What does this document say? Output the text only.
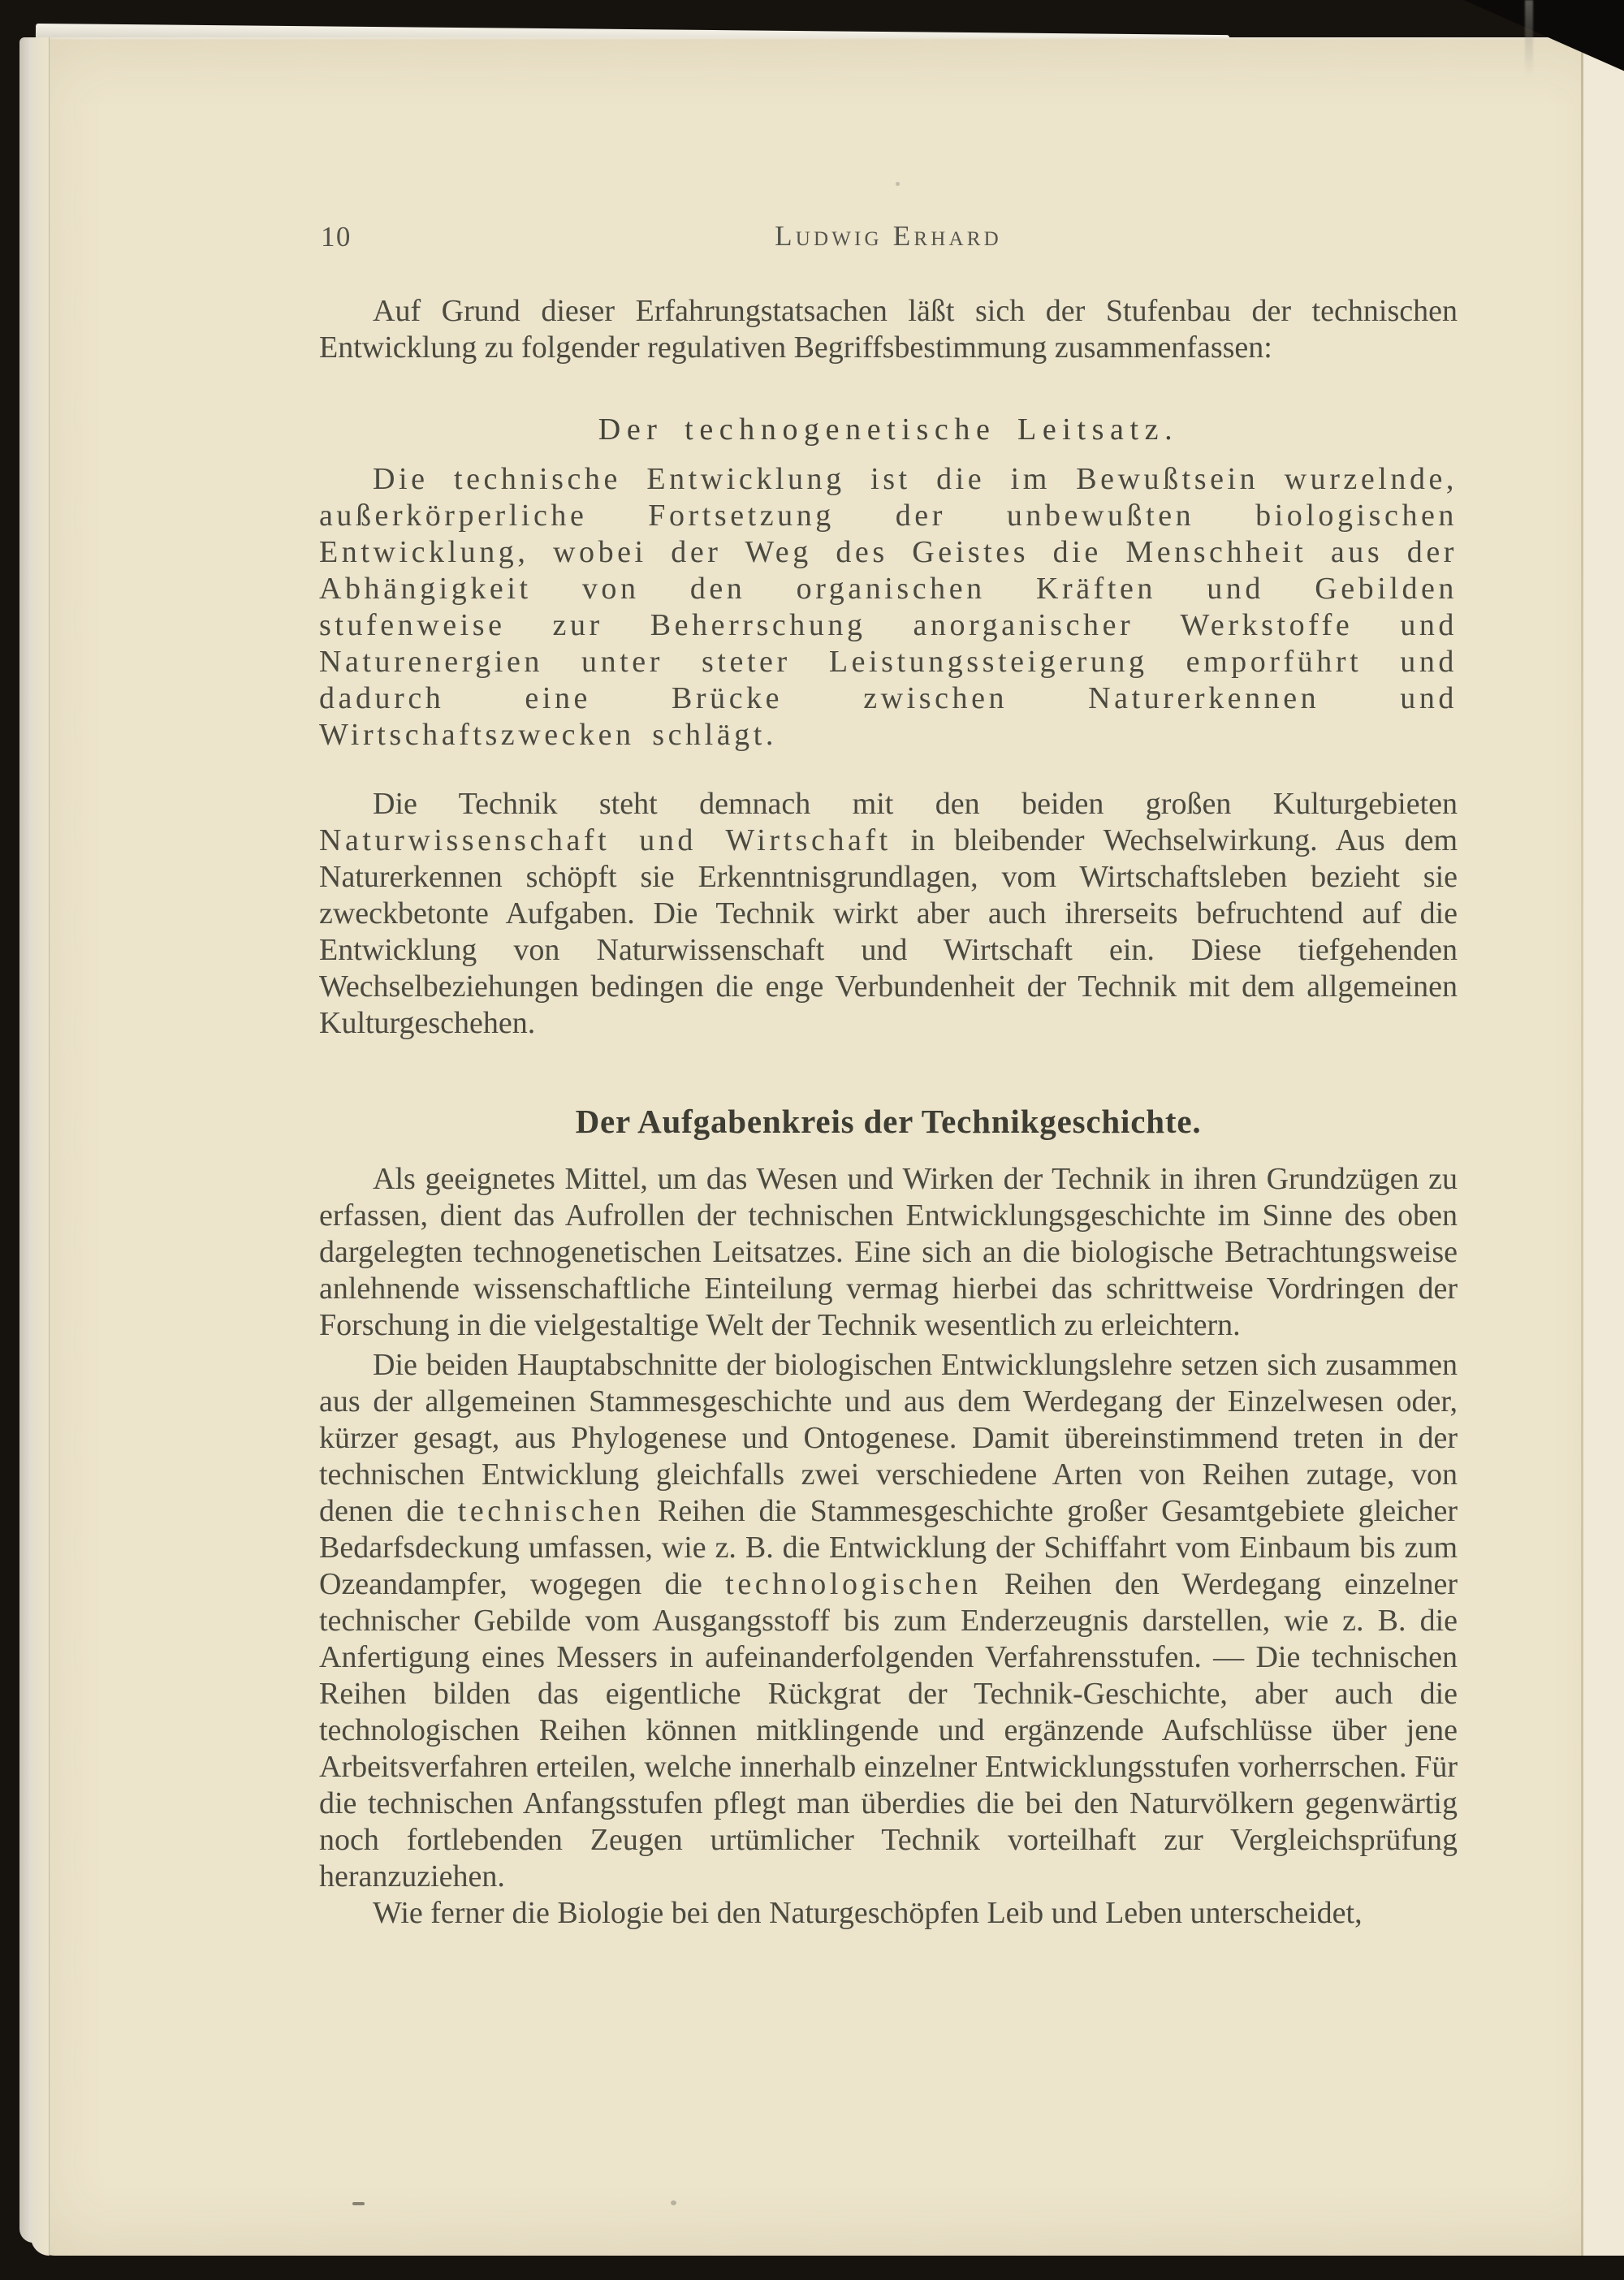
10	Ludwig Erhard

Auf Grund dieser Erfahrungstatsachen läßt sich der Stufenbau der technischen Entwicklung zu folgender regulativen Begriffsbestimmung zusammenfassen:

Der technogenetische Leitsatz.

Die technische Entwicklung ist die im Bewußtsein wurzelnde, außerkörperliche Fortsetzung der unbewußten biologischen Entwicklung, wobei der Weg des Geistes die Menschheit aus der Abhängigkeit von den organischen Kräften und Gebilden stufenweise zur Beherrschung anorganischer Werkstoffe und Naturenergien unter steter Leistungssteigerung emporführt und dadurch eine Brücke zwischen Naturerkennen und Wirtschaftszwecken schlägt.

Die Technik steht demnach mit den beiden großen Kulturgebieten Naturwissenschaft und Wirtschaft in bleibender Wechselwirkung. Aus dem Naturerkennen schöpft sie Erkenntnisgrundlagen, vom Wirtschaftsleben bezieht sie zweckbetonte Aufgaben. Die Technik wirkt aber auch ihrerseits befruchtend auf die Entwicklung von Naturwissenschaft und Wirtschaft ein. Diese tiefgehenden Wechselbeziehungen bedingen die enge Verbundenheit der Technik mit dem allgemeinen Kulturgeschehen.

Der Aufgabenkreis der Technikgeschichte.

Als geeignetes Mittel, um das Wesen und Wirken der Technik in ihren Grundzügen zu erfassen, dient das Aufrollen der technischen Entwicklungsgeschichte im Sinne des oben dargelegten technogenetischen Leitsatzes. Eine sich an die biologische Betrachtungsweise anlehnende wissenschaftliche Einteilung vermag hierbei das schrittweise Vordringen der Forschung in die vielgestaltige Welt der Technik wesentlich zu erleichtern.

Die beiden Hauptabschnitte der biologischen Entwicklungslehre setzen sich zusammen aus der allgemeinen Stammesgeschichte und aus dem Werdegang der Einzelwesen oder, kürzer gesagt, aus Phylogenese und Ontogenese. Damit übereinstimmend treten in der technischen Entwicklung gleichfalls zwei verschiedene Arten von Reihen zutage, von denen die technischen Reihen die Stammesgeschichte großer Gesamtgebiete gleicher Bedarfsdeckung umfassen, wie z. B. die Entwicklung der Schiffahrt vom Einbaum bis zum Ozeandampfer, wogegen die technologischen Reihen den Werdegang einzelner technischer Gebilde vom Ausgangsstoff bis zum Enderzeugnis darstellen, wie z. B. die Anfertigung eines Messers in aufeinanderfolgenden Verfahrensstufen. — Die technischen Reihen bilden das eigentliche Rückgrat der Technik-Geschichte, aber auch die technologischen Reihen können mitklingende und ergänzende Aufschlüsse über jene Arbeitsverfahren erteilen, welche innerhalb einzelner Entwicklungsstufen vorherrschen. Für die technischen Anfangsstufen pflegt man überdies die bei den Naturvölkern gegenwärtig noch fortlebenden Zeugen urtümlicher Technik vorteilhaft zur Vergleichsprüfung heranzuziehen.

Wie ferner die Biologie bei den Naturgeschöpfen Leib und Leben unterscheidet,
